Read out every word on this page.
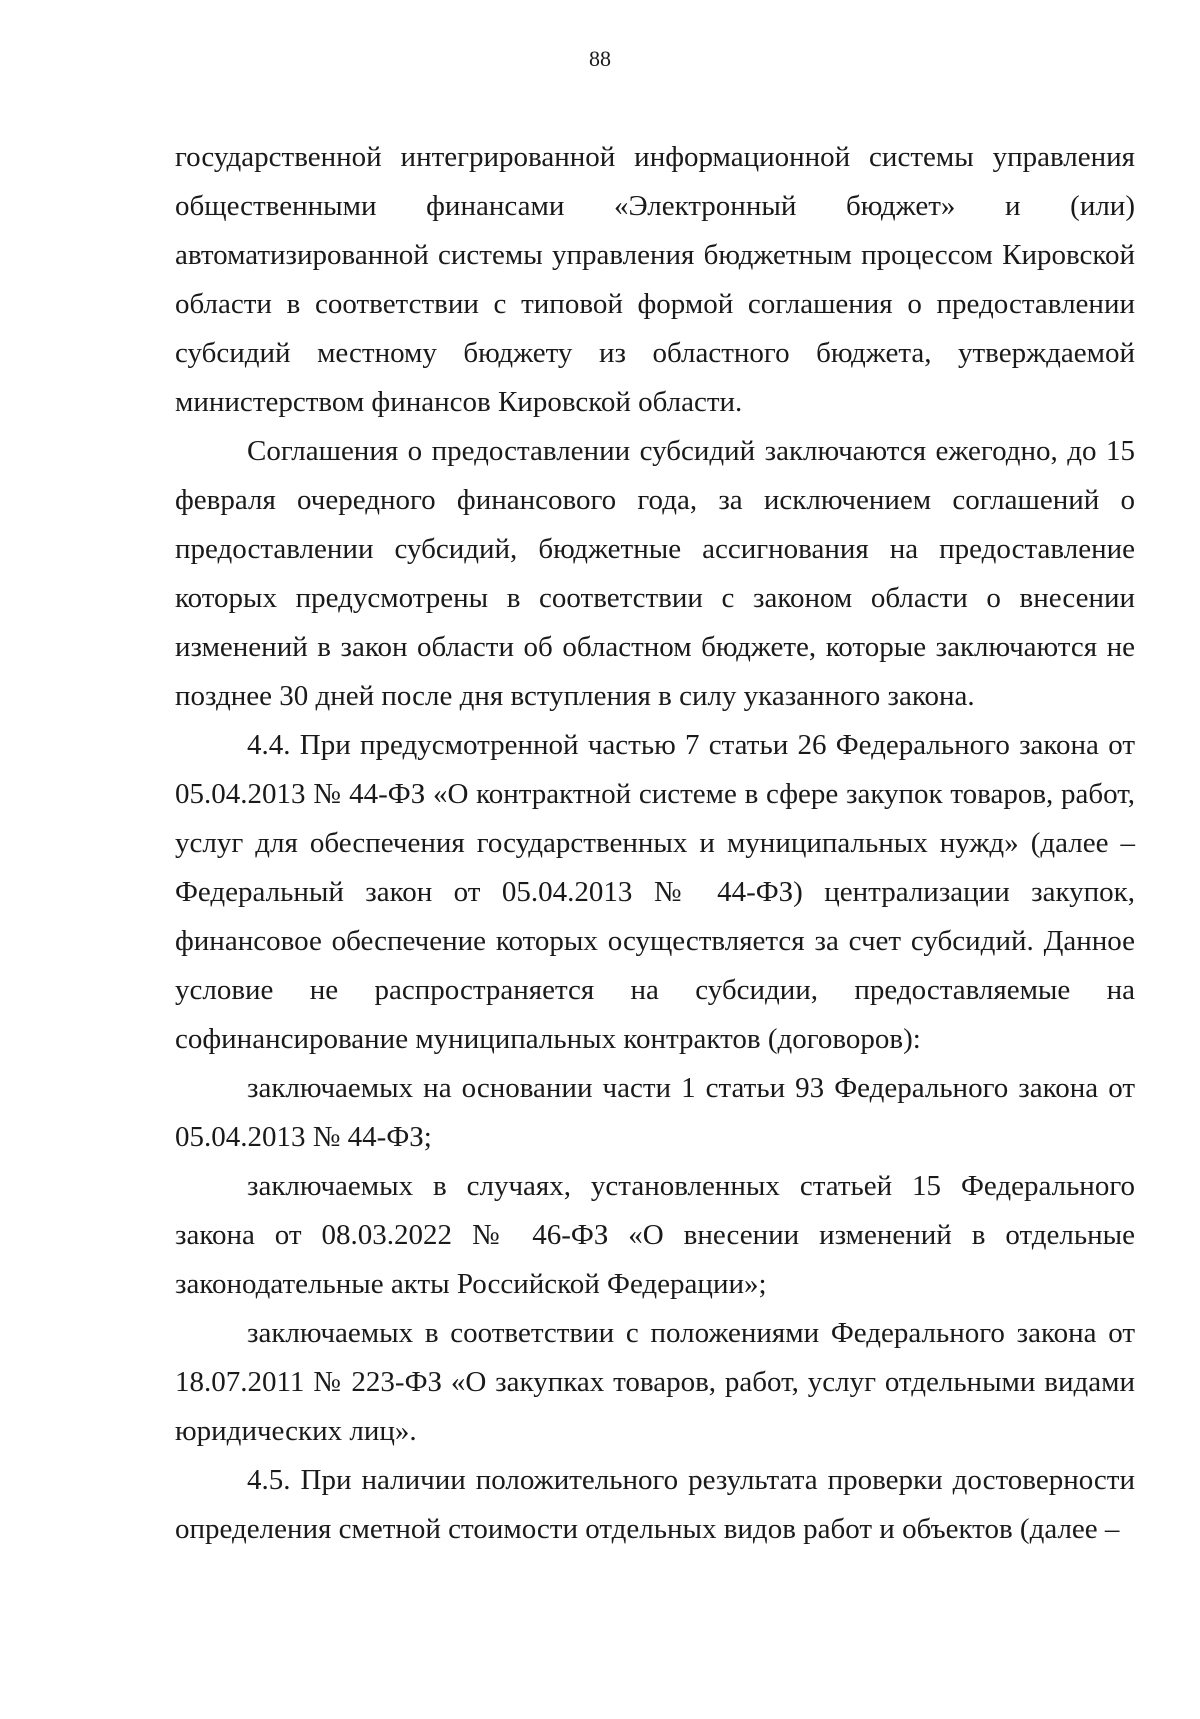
88

государственной интегрированной информационной системы управления общественными финансами «Электронный бюджет» и (или) автоматизированной системы управления бюджетным процессом Кировской области в соответствии с типовой формой соглашения о предоставлении субсидий местному бюджету из областного бюджета, утверждаемой министерством финансов Кировской области.

Соглашения о предоставлении субсидий заключаются ежегодно, до 15 февраля очередного финансового года, за исключением соглашений о предоставлении субсидий, бюджетные ассигнования на предоставление которых предусмотрены в соответствии с законом области о внесении изменений в закон области об областном бюджете, которые заключаются не позднее 30 дней после дня вступления в силу указанного закона.

4.4. При предусмотренной частью 7 статьи 26 Федерального закона от 05.04.2013 № 44-ФЗ «О контрактной системе в сфере закупок товаров, работ, услуг для обеспечения государственных и муниципальных нужд» (далее – Федеральный закон от 05.04.2013 № 44-ФЗ) централизации закупок, финансовое обеспечение которых осуществляется за счет субсидий. Данное условие не распространяется на субсидии, предоставляемые на софинансирование муниципальных контрактов (договоров):

заключаемых на основании части 1 статьи 93 Федерального закона от 05.04.2013 № 44-ФЗ;

заключаемых в случаях, установленных статьей 15 Федерального закона от 08.03.2022 № 46-ФЗ «О внесении изменений в отдельные законодательные акты Российской Федерации»;

заключаемых в соответствии с положениями Федерального закона от 18.07.2011 № 223-ФЗ «О закупках товаров, работ, услуг отдельными видами юридических лиц».

4.5. При наличии положительного результата проверки достоверности определения сметной стоимости отдельных видов работ и объектов (далее –
